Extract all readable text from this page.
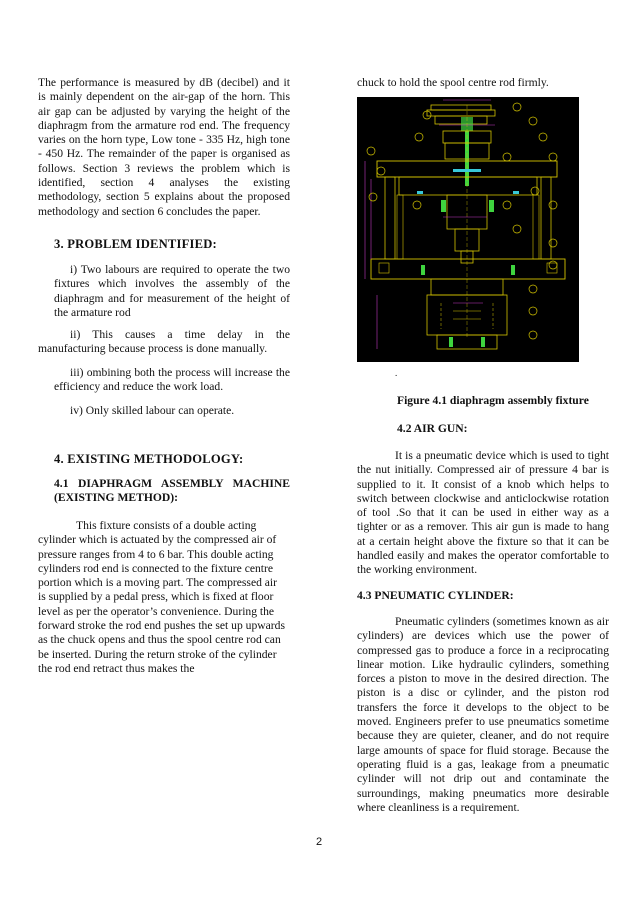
The performance is measured by dB (decibel) and it is mainly dependent on the air-gap of the horn. This air gap can be adjusted by varying the height of the diaphragm from the armature rod end. The frequency varies on the horn type, Low tone - 335 Hz, high tone - 450 Hz. The remainder of the paper is organised as follows. Section 3 reviews the problem which is identified, section 4 analyses the existing methodology, section 5 explains about the proposed methodology and section 6 concludes the paper.

3. PROBLEM IDENTIFIED:

i) Two labours are required to operate the two fixtures which involves the assembly of the diaphragm and for measurement of the height of the armature rod

ii) This causes a time delay in the manufacturing because process is done manually.

iii) ombining both the process will increase the efficiency and reduce the work load.

iv) Only skilled labour can operate.

4. EXISTING METHODOLOGY:

4.1 DIAPHRAGM ASSEMBLY MACHINE (EXISTING METHOD):

This fixture consists of a double acting cylinder which is actuated by the compressed air of pressure ranges from 4 to 6 bar. This double acting cylinders rod end is connected to the fixture centre portion which is a moving part. The compressed air is supplied by a pedal press, which is fixed at floor level as per the operator’s convenience. During the forward stroke the rod end pushes the set up upwards as the chuck opens and thus the spool centre rod can be inserted. During the return stroke of the cylinder the rod end retract thus makes the

chuck to hold the spool centre rod firmly.

.

Figure 4.1 diaphragm assembly fixture

4.2 AIR GUN:

It is a pneumatic device which is used to tight the nut initially. Compressed air of pressure 4 bar is supplied to it. It consist of a knob which helps to switch between clockwise and anticlockwise rotation of tool .So that it can be used in either way as a tighter or as a remover. This air gun is made to hang at a certain height above the fixture so that it can be handled easily and makes the operator comfortable to the working environment.

4.3 PNEUMATIC CYLINDER:

Pneumatic cylinders (sometimes known as air cylinders) are devices which use the power of compressed gas to produce a force in a reciprocating linear motion. Like hydraulic cylinders, something forces a piston to move in the desired direction. The piston is a disc or cylinder, and the piston rod transfers the force it develops to the object to be moved. Engineers prefer to use pneumatics sometime because they are quieter, cleaner, and do not require large amounts of space for fluid storage. Because the operating fluid is a gas, leakage from a pneumatic cylinder will not drip out and contaminate the surroundings, making pneumatics more desirable where cleanliness is a requirement.

2
